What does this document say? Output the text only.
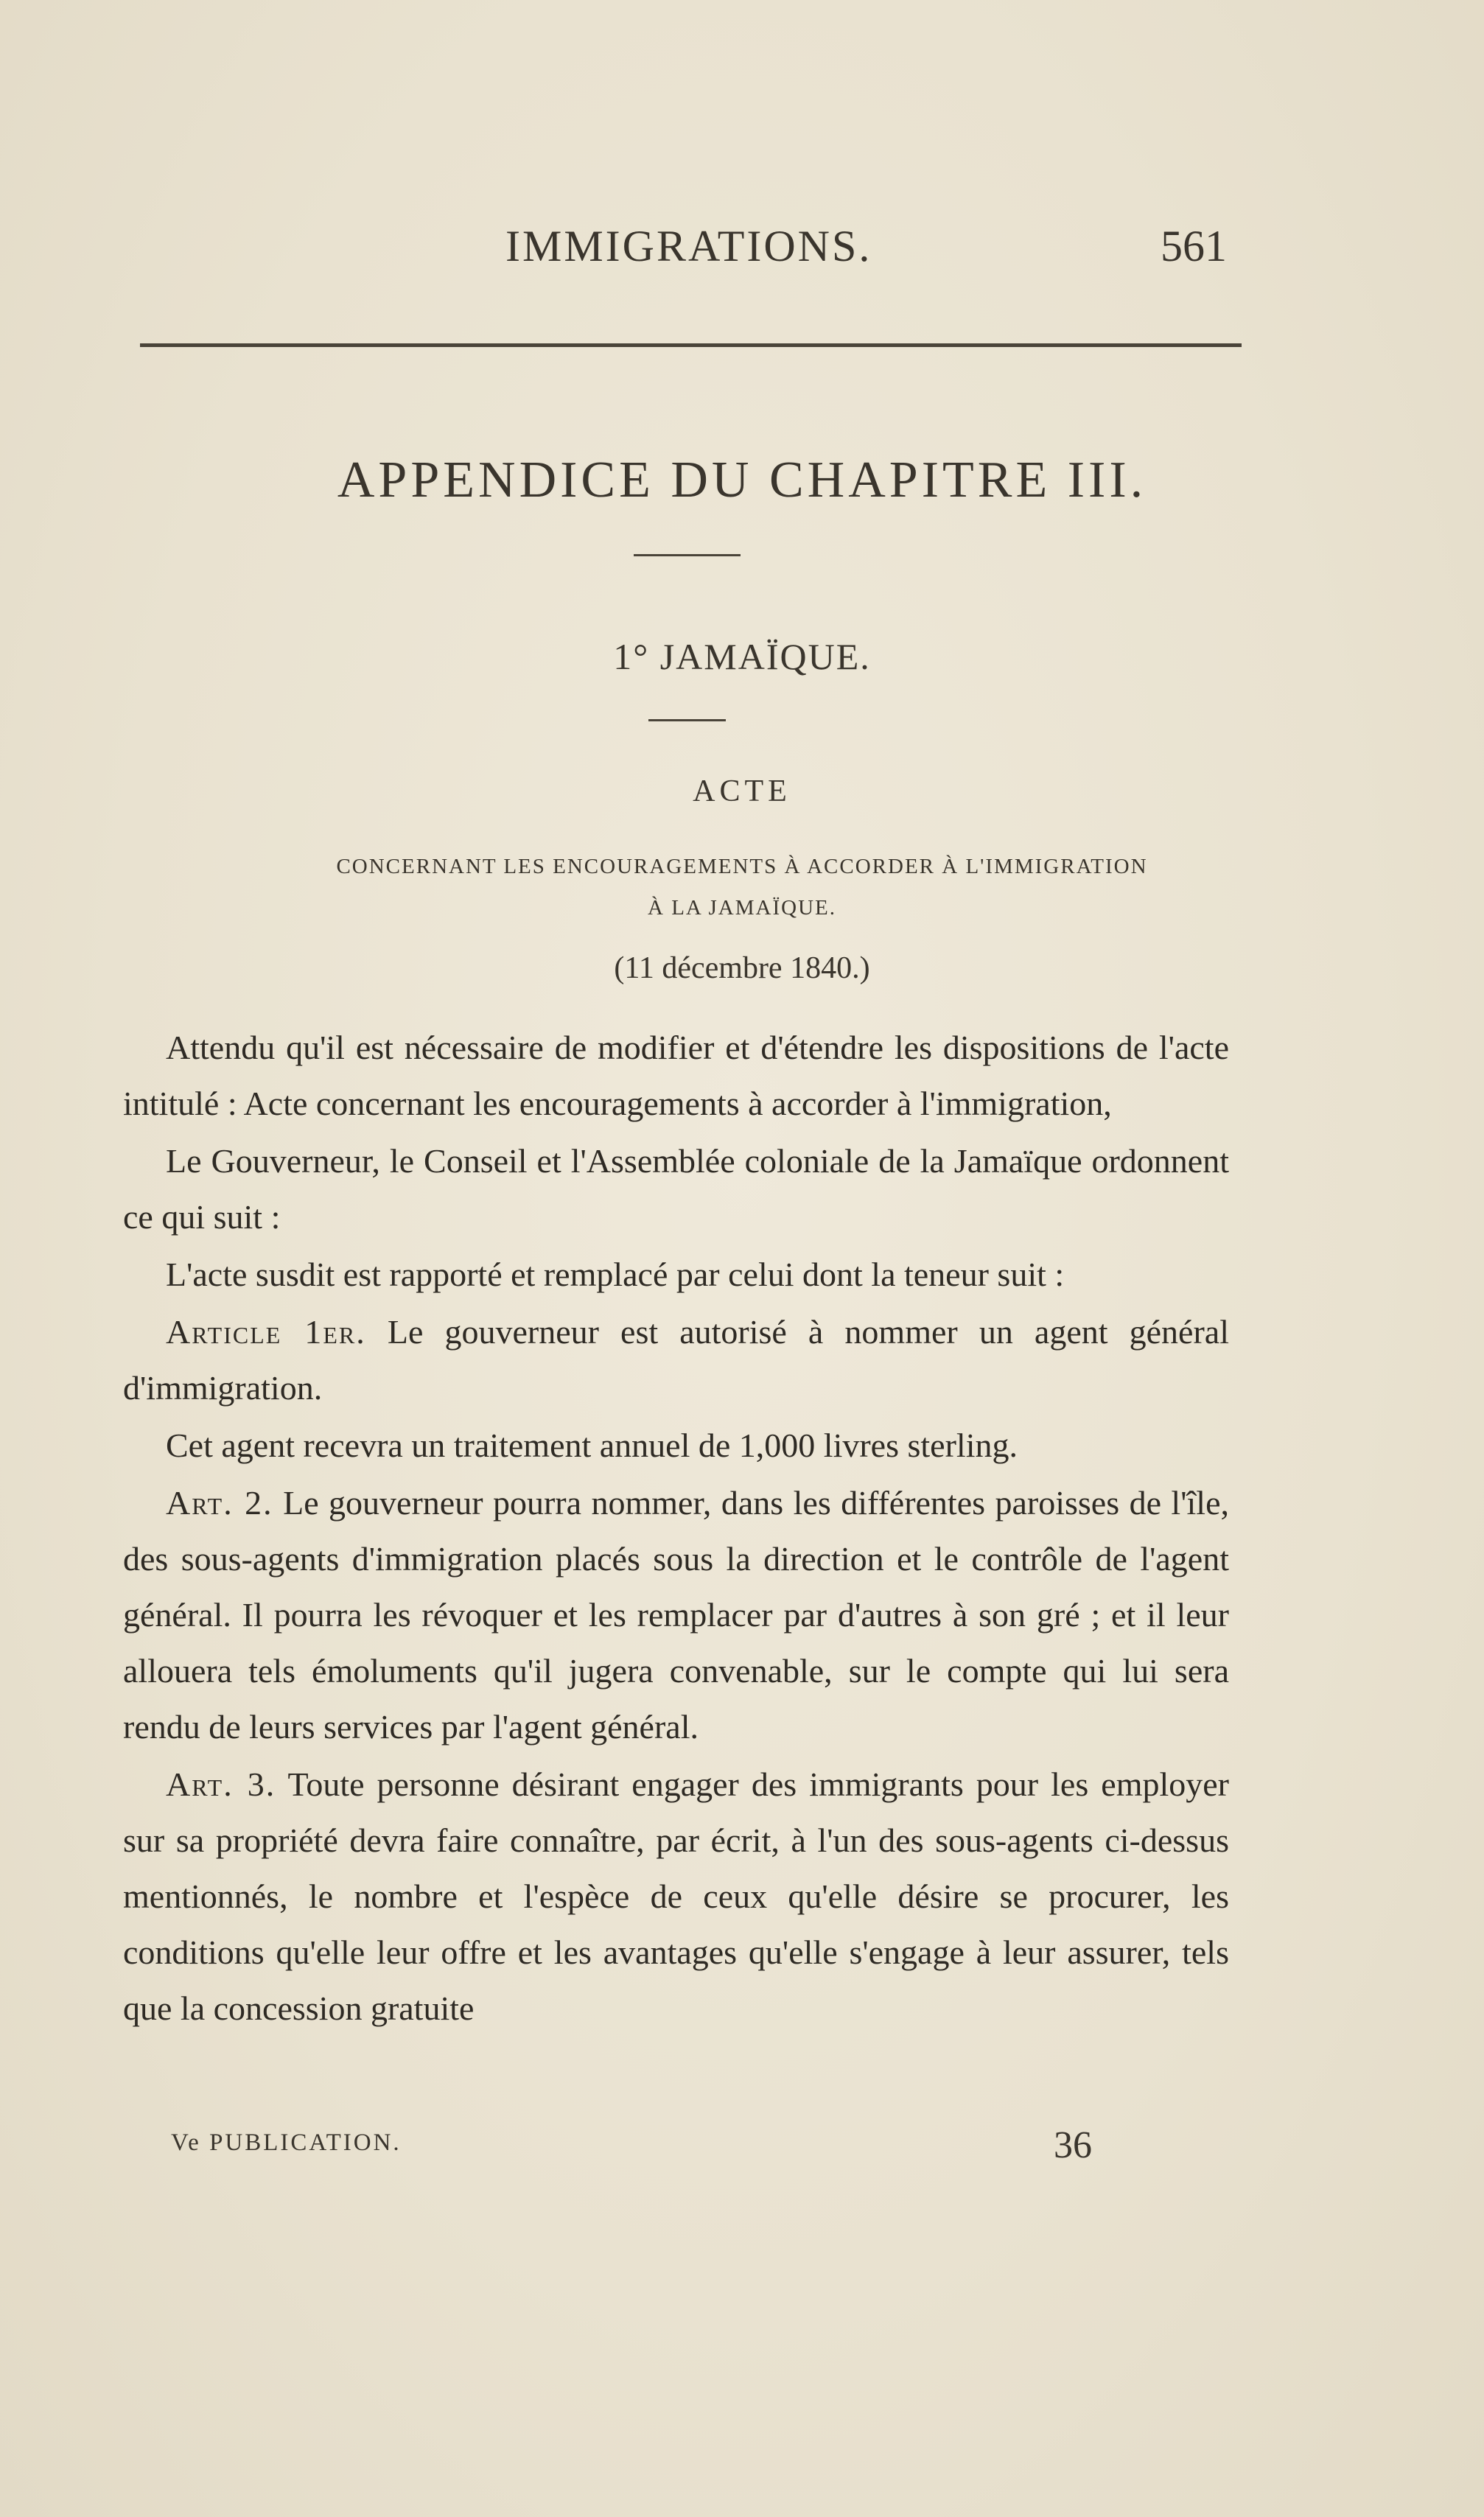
IMMIGRATIONS.	561
APPENDICE DU CHAPITRE III.
1° JAMAÏQUE.
ACTE
CONCERNANT LES ENCOURAGEMENTS À ACCORDER À L'IMMIGRATION
À LA JAMAÏQUE.
(11 décembre 1840.)

Attendu qu'il est nécessaire de modifier et d'étendre les dispositions de l'acte intitulé : Acte concernant les encouragements à accorder à l'immigration,

Le Gouverneur, le Conseil et l'Assemblée coloniale de la Jamaïque ordonnent ce qui suit :

L'acte susdit est rapporté et remplacé par celui dont la teneur suit :

Article 1er. Le gouverneur est autorisé à nommer un agent général d'immigration.

Cet agent recevra un traitement annuel de 1,000 livres sterling.

Art. 2. Le gouverneur pourra nommer, dans les différentes paroisses de l'île, des sous-agents d'immigration placés sous la direction et le contrôle de l'agent général. Il pourra les révoquer et les remplacer par d'autres à son gré ; et il leur allouera tels émoluments qu'il jugera convenable, sur le compte qui lui sera rendu de leurs services par l'agent général.

Art. 3. Toute personne désirant engager des immigrants pour les employer sur sa propriété devra faire connaître, par écrit, à l'un des sous-agents ci-dessus mentionnés, le nombre et l'espèce de ceux qu'elle désire se procurer, les conditions qu'elle leur offre et les avantages qu'elle s'engage à leur assurer, tels que la concession gratuite

Ve PUBLICATION.	36
